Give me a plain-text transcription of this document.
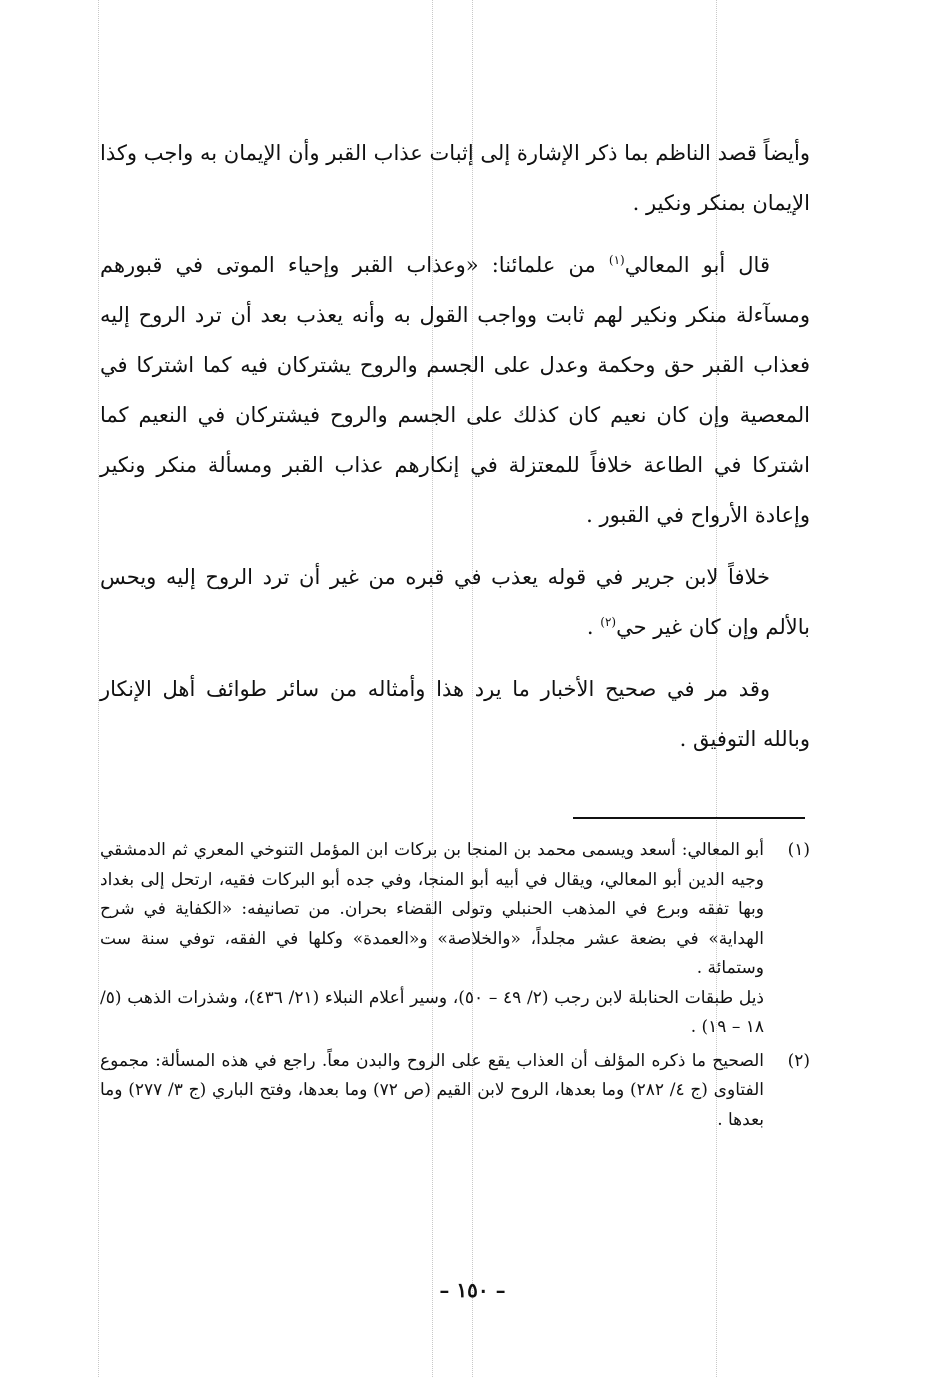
وأيضاً قصد الناظم بما ذكر الإشارة إلى إثبات عذاب القبر وأن الإيمان به واجب وكذا الإيمان بمنكر ونكير .

قال أبو المعالي$^{(١)}$ من علمائنا: «وعذاب القبر وإحياء الموتى في قبورهم ومسآءلة منكر ونكير لهم ثابت وواجب القول به وأنه يعذب بعد أن ترد الروح إليه فعذاب القبر حق وحكمة وعدل على الجسم والروح يشتركان فيه كما اشتركا في المعصية وإن كان نعيم كان كذلك على الجسم والروح فيشتركان في النعيم كما اشتركا في الطاعة خلافاً للمعتزلة في إنكارهم عذاب القبر ومسألة منكر ونكير وإعادة الأرواح في القبور .

خلافاً لابن جرير في قوله يعذب في قبره من غير أن ترد الروح إليه ويحس بالألم وإن كان غير حي$^{(٢)}$ .

وقد مر في صحيح الأخبار ما يرد هذا وأمثاله من سائر طوائف أهل الإنكار وبالله التوفيق .

(١)

أبو المعالي: أسعد ويسمى محمد بن المنجا بن بركات ابن المؤمل التنوخي المعري ثم الدمشقي وجيه الدين أبو المعالي، ويقال في أبيه أبو المنجا، وفي جده أبو البركات فقيه، ارتحل إلى بغداد وبها تفقه وبرع في المذهب الحنبلي وتولى القضاء بحران. من تصانيفه: «الكفاية في شرح الهداية» في بضعة عشر مجلداً، «والخلاصة» و«العمدة» وكلها في الفقه، توفي سنة ست وستمائة .

ذيل طبقات الحنابلة لابن رجب (٢/ ٤٩ – ٥٠)، وسير أعلام النبلاء (٢١/ ٤٣٦)، وشذرات الذهب (٥/ ١٨ – ١٩) .

(٢)

الصحيح ما ذكره المؤلف أن العذاب يقع على الروح والبدن معاً. راجع في هذه المسألة: مجموع الفتاوى (ج ٤/ ٢٨٢) وما بعدها، الروح لابن القيم (ص ٧٢) وما بعدها، وفتح الباري (ج ٣/ ٢٧٧) وما بعدها .

– ١٥٠ –
